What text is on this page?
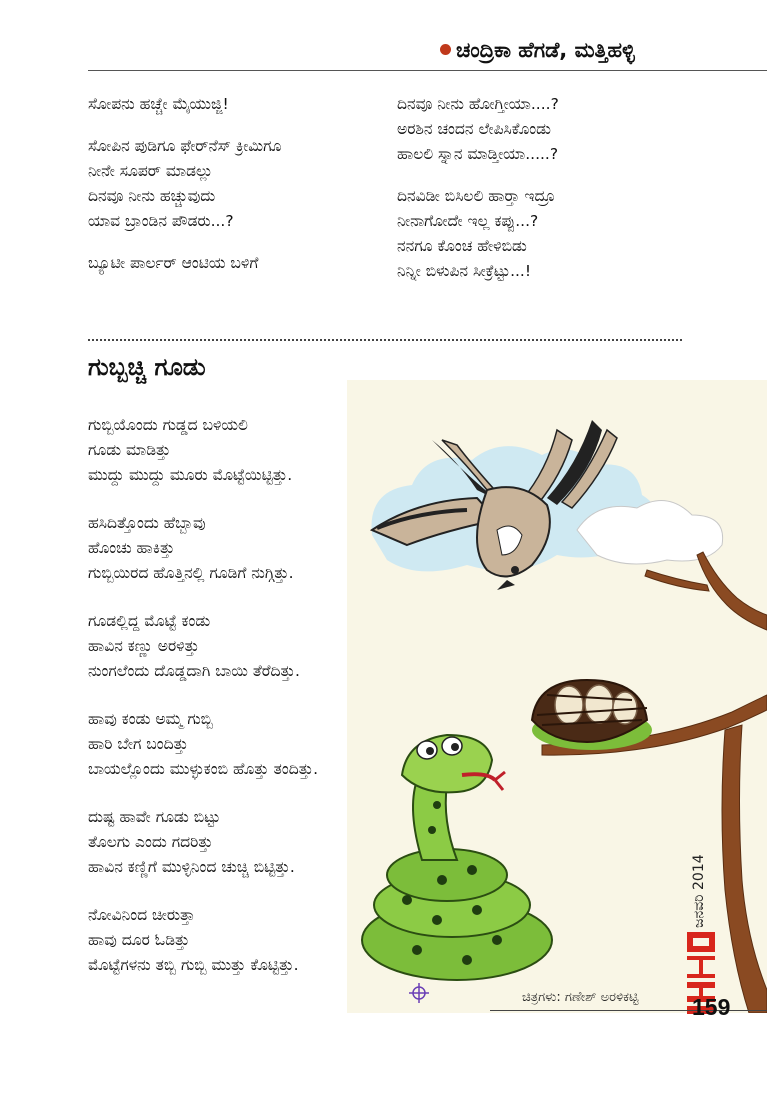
ಚಂದ್ರಿಕಾ ಹೆಗಡೆ, ಮತ್ತಿಹಳ್ಳಿ
ಸೋಪನು ಹಚ್ಚೇ ಮೈಯುಜ್ಜಿ!
ಸೋಪಿನ ಪುಡಿಗೂ ಫೇರ್‌ನೆಸ್ ಕ್ರೀಮಿಗೂ
ನೀನೇ ಸೂಪರ್ ಮಾಡಲ್ಲು
ದಿನವೂ ನೀನು ಹಚ್ಚುವುದು
ಯಾವ ಬ್ರಾಂಡಿನ ಪೌಡರು...?
ಬ್ಯೂಟೀ ಪಾರ್ಲರ್ ಆಂಟಿಯ ಬಳಿಗೆ
ದಿನವೂ ನೀನು ಹೋಗ್ತೀಯಾ....?
ಅರಶಿನ ಚಂದನ ಲೇಪಿಸಿಕೊಂಡು
ಹಾಲಲಿ ಸ್ನಾನ ಮಾಡ್ತೀಯಾ.....?
ದಿನವಿಡೀ ಬಿಸಿಲಲಿ ಹಾರ್‍ತಾ ಇದ್ರೂ
ನೀನಾಗೋದೇ ಇಲ್ಲ ಕಪ್ಪು...?
ನನಗೂ ಕೊಂಚ ಹೇಳಿಬಿಡು
ನಿನ್ನೀ ಬಿಳುಪಿನ ಸೀಕ್ರೆಟ್ಟು...!
ಗುಬ್ಬಚ್ಚಿ ಗೂಡು
ಗುಬ್ಬಿಯೊಂದು ಗುಡ್ಡದ ಬಳಿಯಲಿ
ಗೂಡು ಮಾಡಿತ್ತು
ಮುದ್ದು ಮುದ್ದು ಮೂರು ಮೊಟ್ಟೆಯಿಟ್ಟಿತ್ತು.
ಹಸಿದಿತ್ತೊಂದು ಹೆಬ್ಬಾವು
ಹೊಂಚು ಹಾಕಿತ್ತು
ಗುಬ್ಬಿಯಿರದ ಹೊತ್ತಿನಲ್ಲಿ ಗೂಡಿಗೆ ನುಗ್ಗಿತ್ತು.
ಗೂಡಲ್ಲಿದ್ದ ಮೊಟ್ಟೆ ಕಂಡು
ಹಾವಿನ ಕಣ್ಣು ಅರಳಿತ್ತು
ನುಂಗಲೆಂದು ದೊಡ್ಡದಾಗಿ ಬಾಯಿ ತೆರೆದಿತ್ತು.
ಹಾವು ಕಂಡು ಅಮ್ಮ ಗುಬ್ಬಿ
ಹಾರಿ ಬೇಗ ಬಂದಿತ್ತು
ಬಾಯಲ್ಲೊಂದು ಮುಳ್ಳುಕಂಬಿ ಹೊತ್ತು ತಂದಿತ್ತು.
ದುಷ್ಟ ಹಾವೇ ಗೂಡು ಬಿಟ್ಟು
ತೊಲಗು ಎಂದು ಗದರಿತ್ತು
ಹಾವಿನ ಕಣ್ಣಿಗೆ ಮುಳ್ಳಿನಿಂದ ಚುಚ್ಚಿ ಬಿಟ್ಟಿತ್ತು.
ನೋವಿನಿಂದ ಚೀರುತ್ತಾ
ಹಾವು ದೂರ ಓಡಿತ್ತು
ಮೊಟ್ಟೆಗಳನು ತಬ್ಬಿ ಗುಬ್ಬಿ ಮುತ್ತು ಕೊಟ್ಟಿತ್ತು.
ಜನವರಿ 2014
ಚಿತ್ರಗಳು: ಗಣೇಶ್ ಅರಳಿಕಟ್ಟಿ 159
